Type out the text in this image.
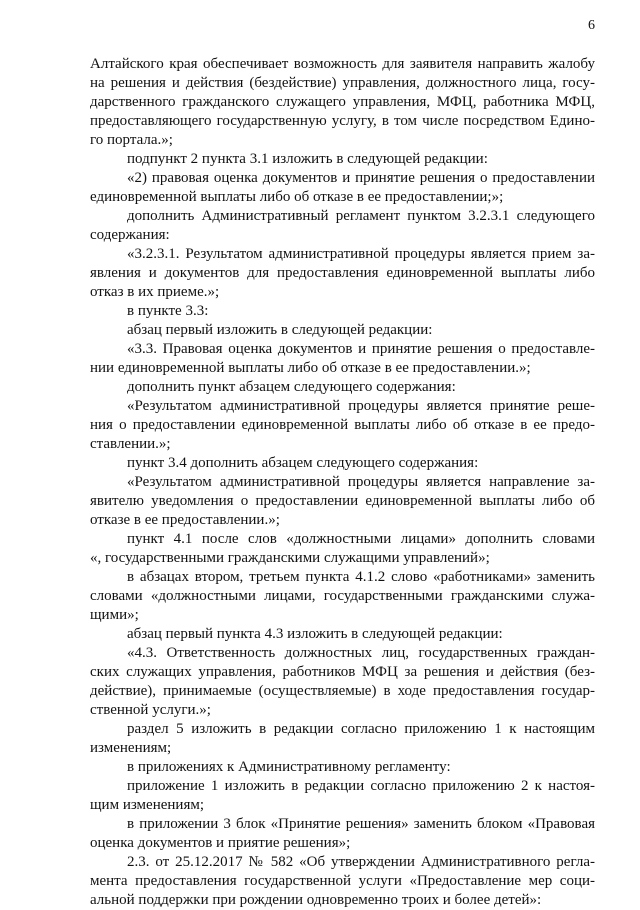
6
Алтайского края обеспечивает возможность для заявителя направить жалобу
на решения и действия (бездействие) управления, должностного лица, госу-
дарственного гражданского служащего управления, МФЦ, работника МФЦ,
предоставляющего государственную услугу, в том числе посредством Едино-
го портала.»;
подпункт 2 пункта 3.1 изложить в следующей редакции:
«2) правовая оценка документов и принятие решения о предоставлении
единовременной выплаты либо об отказе в ее предоставлении;»;
дополнить Административный регламент пунктом 3.2.3.1 следующего
содержания:
«3.2.3.1. Результатом административной процедуры является прием за-
явления и документов для предоставления единовременной выплаты либо
отказ в их приеме.»;
в пункте 3.3:
абзац первый изложить в следующей редакции:
«3.3. Правовая оценка документов и принятие решения о предоставле-
нии единовременной выплаты либо об отказе в ее предоставлении.»;
дополнить пункт абзацем следующего содержания:
«Результатом административной процедуры является принятие реше-
ния о предоставлении единовременной выплаты либо об отказе в ее предо-
ставлении.»;
пункт 3.4 дополнить абзацем следующего содержания:
«Результатом административной процедуры является направление за-
явителю уведомления о предоставлении единовременной выплаты либо об
отказе в ее предоставлении.»;
пункт 4.1 после слов «должностными лицами» дополнить словами
«, государственными гражданскими служащими управлений»;
в абзацах втором, третьем пункта 4.1.2 слово «работниками» заменить
словами «должностными лицами, государственными гражданскими служа-
щими»;
абзац первый пункта 4.3 изложить в следующей редакции:
«4.3. Ответственность должностных лиц, государственных граждан-
ских служащих управления, работников МФЦ за решения и действия (без-
действие), принимаемые (осуществляемые) в ходе предоставления государ-
ственной услуги.»;
раздел 5 изложить в редакции согласно приложению 1 к настоящим
изменениям;
в приложениях к Административному регламенту:
приложение 1 изложить в редакции согласно приложению 2 к настоя-
щим изменениям;
в приложении 3 блок «Принятие решения» заменить блоком «Правовая
оценка документов и приятие решения»;
2.3. от 25.12.2017 № 582 «Об утверждении Административного регла-
мента предоставления государственной услуги «Предоставление мер соци-
альной поддержки при рождении одновременно троих и более детей»:
